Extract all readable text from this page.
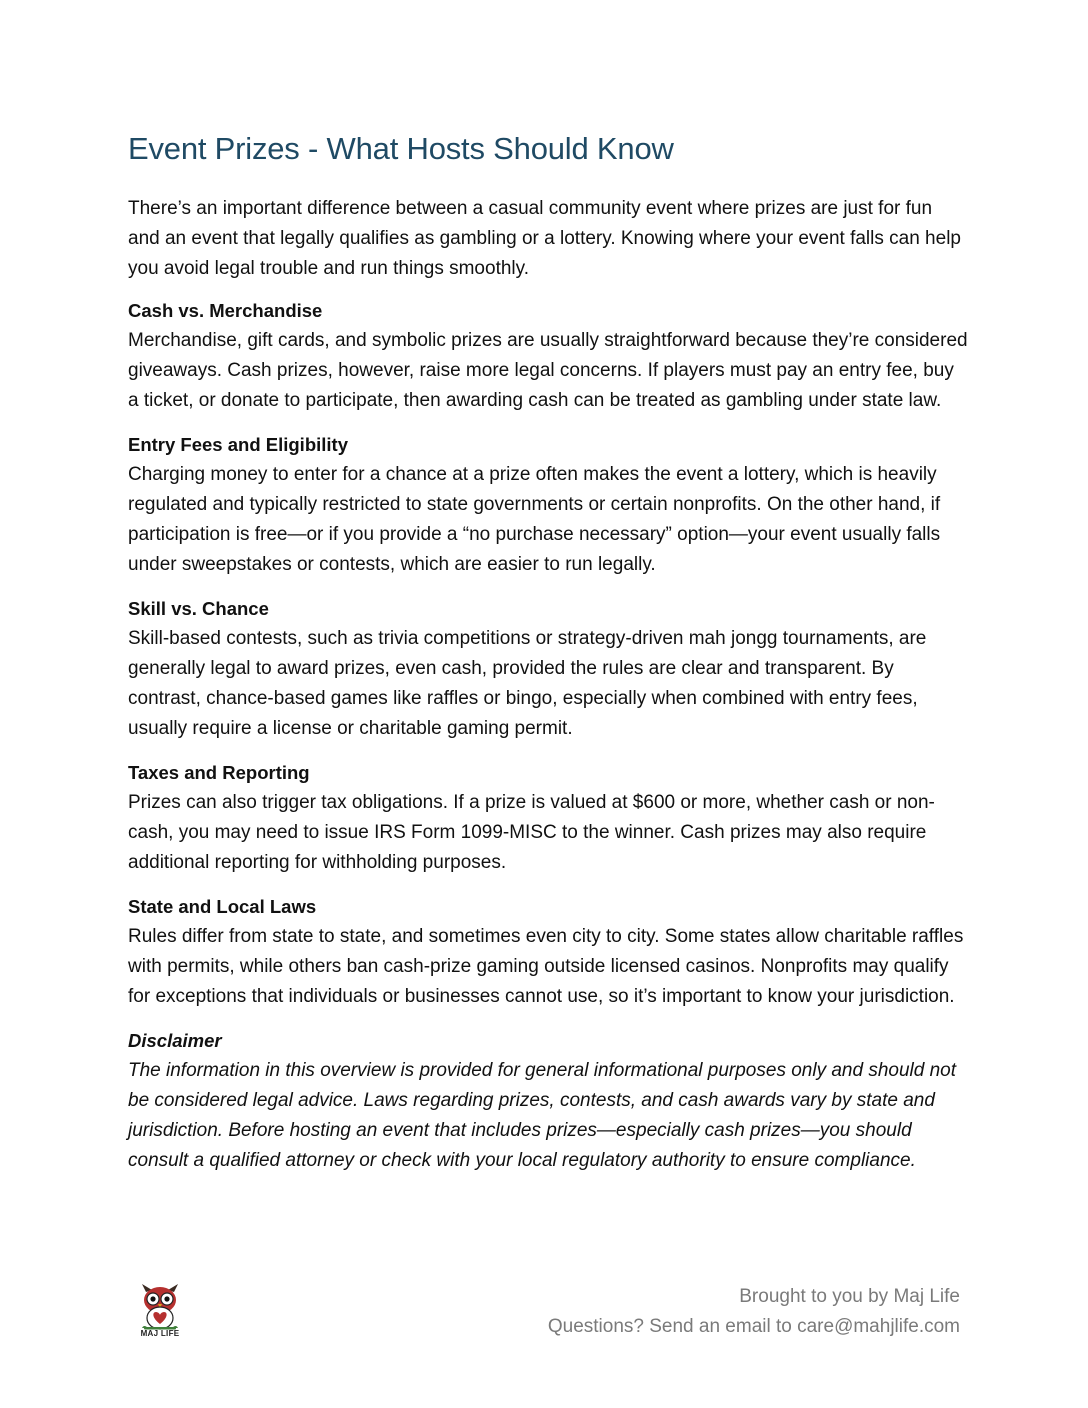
Event Prizes - What Hosts Should Know

There’s an important difference between a casual community event where prizes are just for fun and an event that legally qualifies as gambling or a lottery. Knowing where your event falls can help you avoid legal trouble and run things smoothly.

Cash vs. Merchandise

Merchandise, gift cards, and symbolic prizes are usually straightforward because they’re considered giveaways. Cash prizes, however, raise more legal concerns. If players must pay an entry fee, buy a ticket, or donate to participate, then awarding cash can be treated as gambling under state law.

Entry Fees and Eligibility

Charging money to enter for a chance at a prize often makes the event a lottery, which is heavily regulated and typically restricted to state governments or certain nonprofits. On the other hand, if participation is free—or if you provide a “no purchase necessary” option—your event usually falls under sweepstakes or contests, which are easier to run legally.

Skill vs. Chance

Skill-based contests, such as trivia competitions or strategy-driven mah jongg tournaments, are generally legal to award prizes, even cash, provided the rules are clear and transparent. By contrast, chance-based games like raffles or bingo, especially when combined with entry fees, usually require a license or charitable gaming permit.

Taxes and Reporting

Prizes can also trigger tax obligations. If a prize is valued at $600 or more, whether cash or non-cash, you may need to issue IRS Form 1099-MISC to the winner. Cash prizes may also require additional reporting for withholding purposes.

State and Local Laws

Rules differ from state to state, and sometimes even city to city. Some states allow charitable raffles with permits, while others ban cash-prize gaming outside licensed casinos. Nonprofits may qualify for exceptions that individuals or businesses cannot use, so it’s important to know your jurisdiction.

Disclaimer

The information in this overview is provided for general informational purposes only and should not be considered legal advice. Laws regarding prizes, contests, and cash awards vary by state and jurisdiction. Before hosting an event that includes prizes—especially cash prizes—you should consult a qualified attorney or check with your local regulatory authority to ensure compliance.

MAJ LIFE
Brought to you by Maj Life
Questions? Send an email to care@mahjlife.com
